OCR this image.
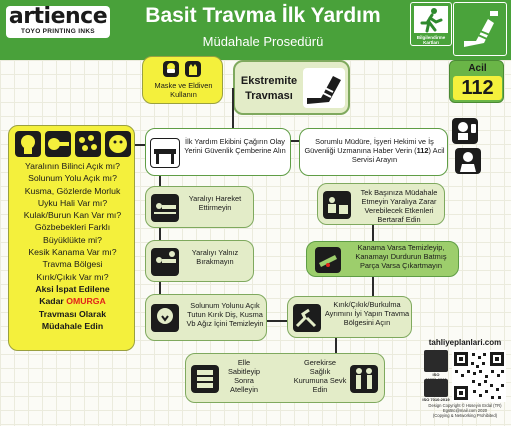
artience
TOYO PRINTING INKS
Basit Travma İlk Yardım
Müdahale Prosedürü	Bilgilendirme Kartları
Maske ve Eldiven Kullanın
Ekstremite Travması
Acil
112
Yaralının Bilinci Açık mı?
Solunum Yolu Açık mı?
Kusma, Gözlerde Morluk
Uyku Hali Var mı?
Kulak/Burun Kan Var mı?
Gözbebekleri Farklı
Büyüklükte mi?
Kesik Kanama Var mı?
Travma Bölgesi
Kırık/Çıkık Var mı?
Aksi İspat Edilene
Kadar OMURGA
Travması Olarak
Müdahale Edin
İlk Yardım Ekibini Çağırın Olay Yerini Güvenlik Çemberine Alın
Sorumlu Müdüre, İşyeri Hekimi ve İş Güvenliği Uzmanına Haber Verin (112) Acil Servisi Arayın
Yaralıyı Hareket Ettirmeyin
Yaralıyı Yalnız Bırakmayın
Solunum Yolunu Açık Tutun Kırık Diş, Kusma Vb Ağız İçini Temizleyin
Tek Başınıza Müdahale Etmeyin Yaralıya Zarar Verebilecek Etkenleri Bertaraf Edin
Kanama Varsa Temizleyip, Kanamayı Durdurun Batmış Parça Varsa Çıkartmayın
Kırık/Çıkık/Burkulma Ayrımını İyi Yapın Travma Bölgesini Açın
Elle Sabitleyip Sonra Atelleyin
Gerekirse Sağlık Kurumuna Sevk Edin
tahliyeplanlari.com
ISO
ISO 7010:2019
Design Copyright © Hüseyin Erdal (TR)
Egs5tc@mail.com 2020
(Copying & Networking Prohibited)
